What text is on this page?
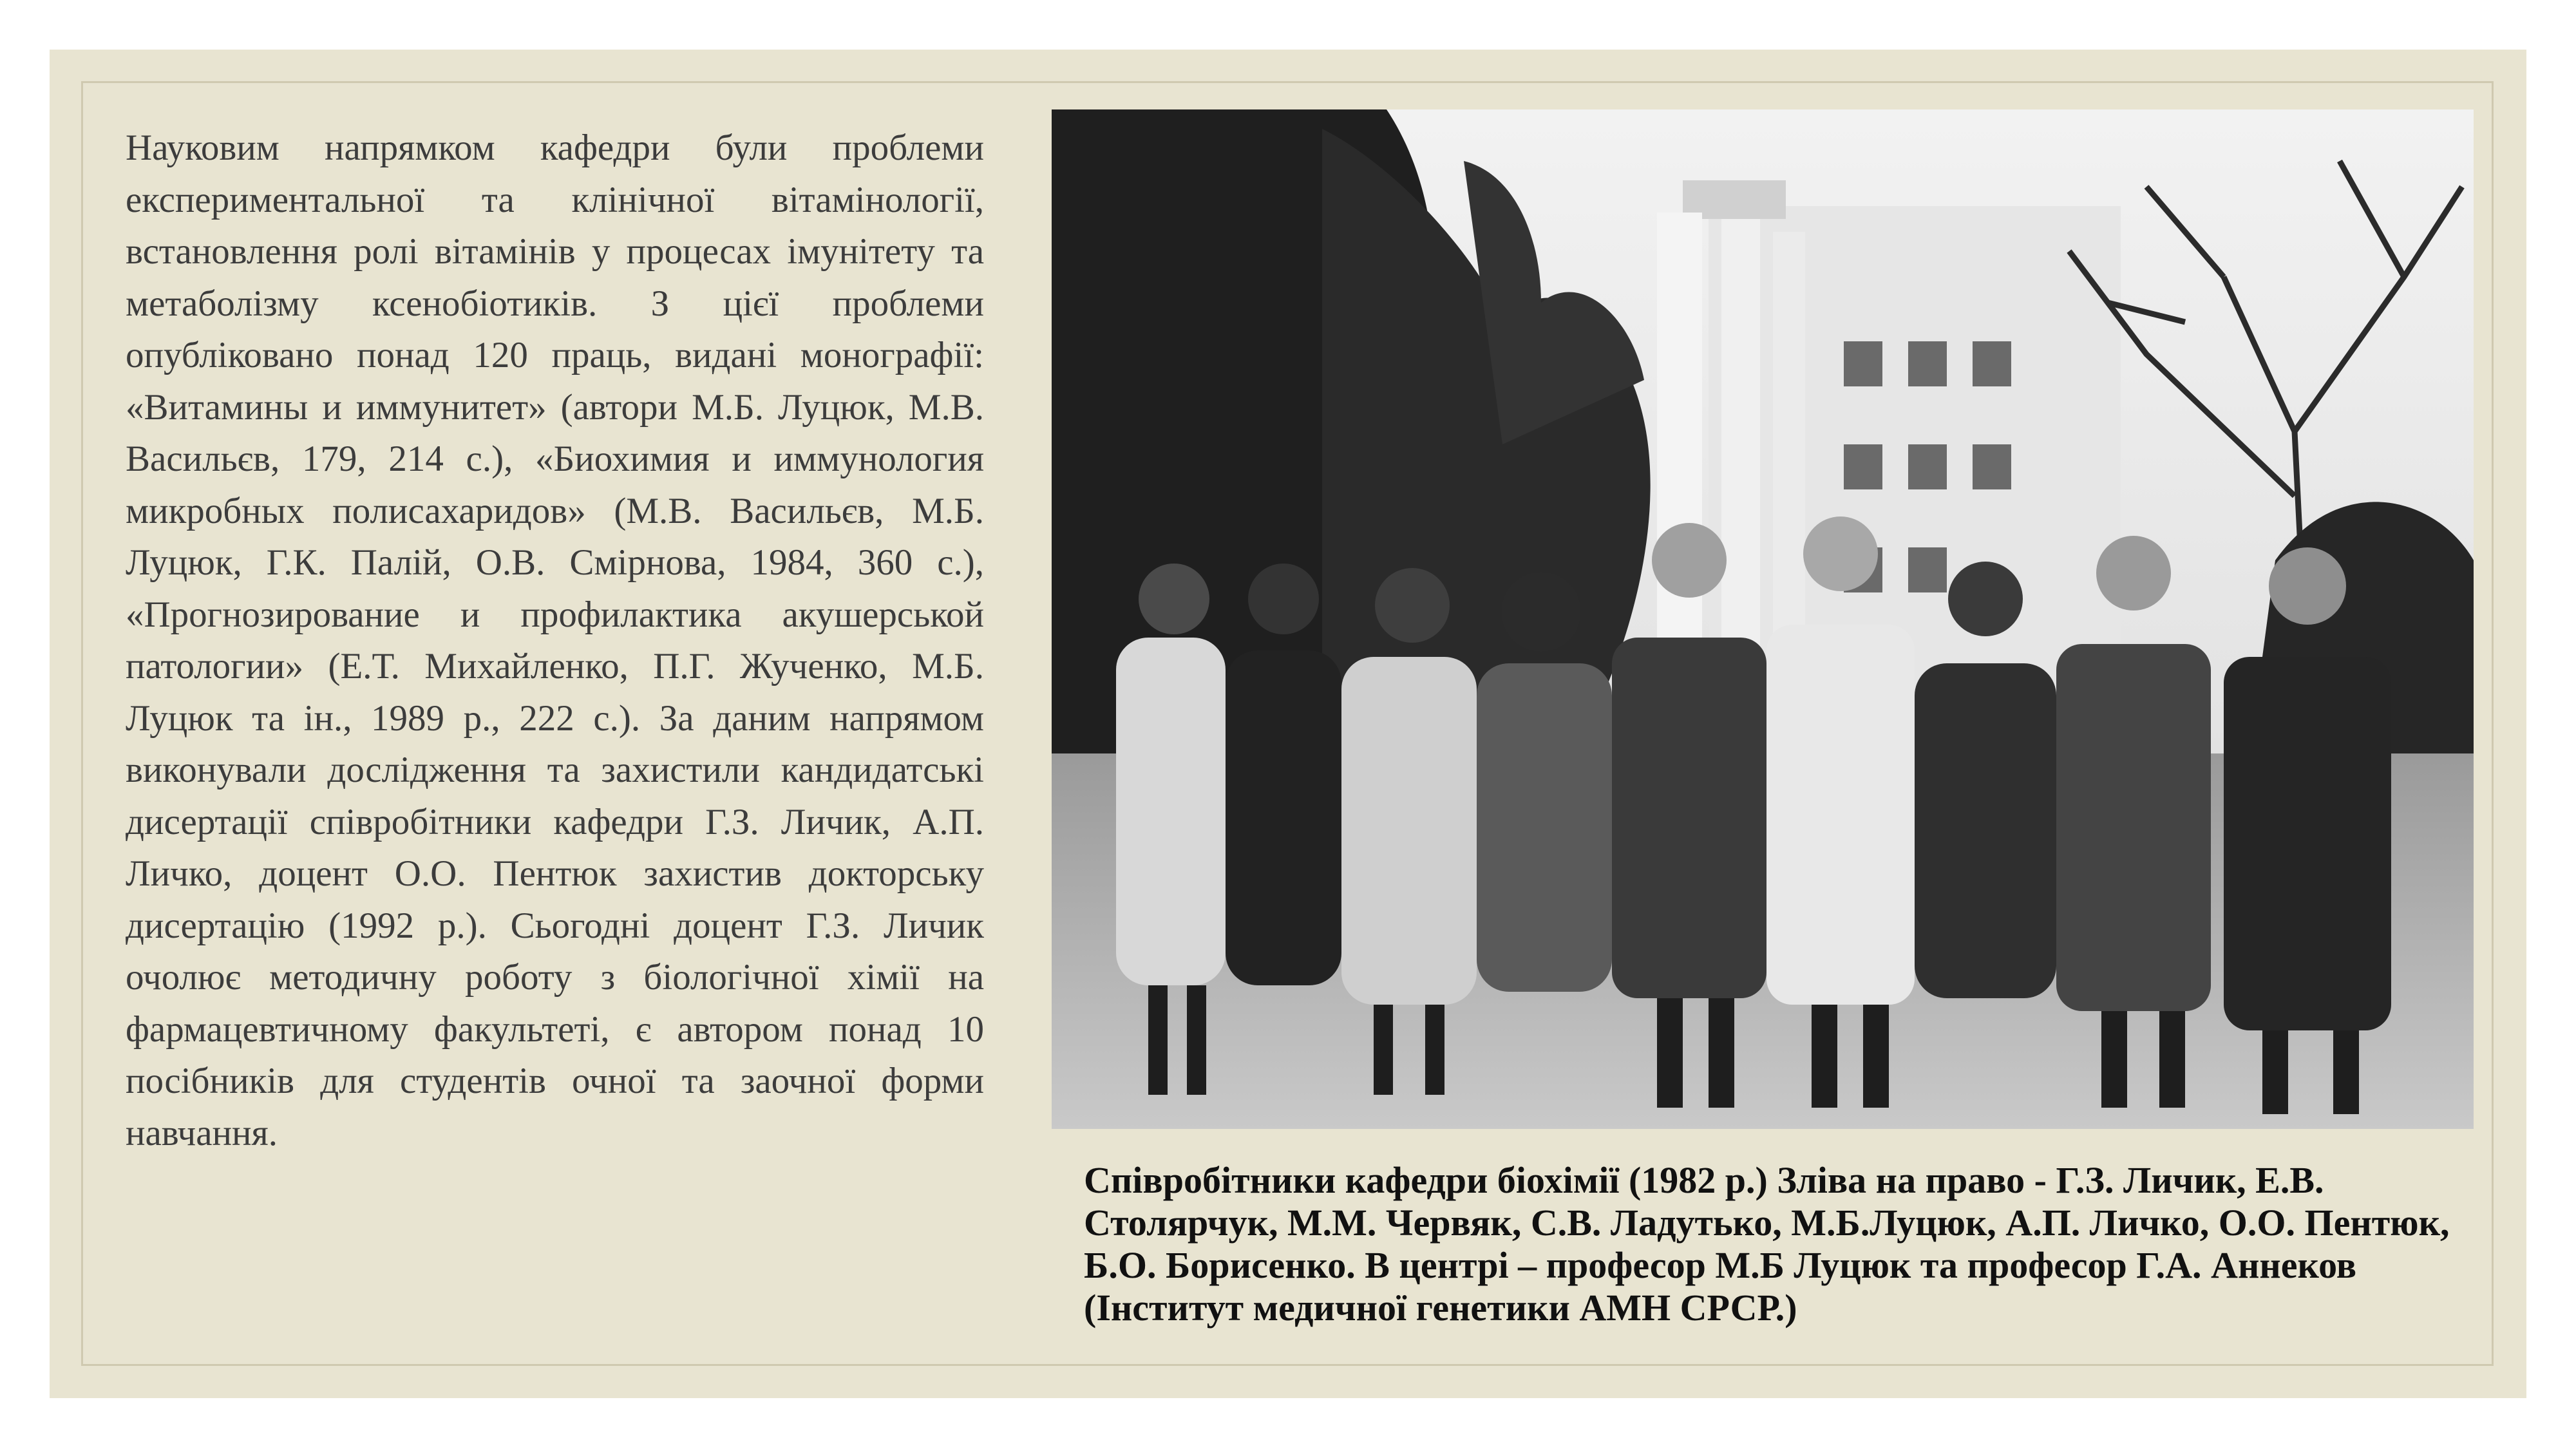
Науковим напрямком кафедри були проблеми експериментальної та клінічної вітамінології, встановлення ролі вітамінів у процесах імунітету та метаболізму ксенобіотиків. З цієї проблеми опубліковано понад 120 праць, видані монографії: «Витамины и иммунитет» (автори М.Б. Луцюк, М.В. Васильєв, 179, 214 с.), «Биохимия и иммунология микробных полисахаридов» (М.В. Васильєв, М.Б. Луцюк, Г.К. Палій, О.В. Смірнова, 1984, 360 с.), «Прогнозирование и профилактика акушерськой патологии» (Е.Т. Михайленко, П.Г. Жученко, М.Б. Луцюк та ін., 1989 р., 222 с.). За даним напрямом виконували дослідження та захистили кандидатські дисертації співробітники кафедри Г.З. Личик, А.П. Личко, доцент О.О. Пентюк захистив докторську дисертацію (1992 р.). Сьогодні доцент Г.З. Личик очолює методичну роботу з біологічної хімії на фармацевтичному факультеті, є автором понад 10 посібників для студентів очної та заочної форми навчання.

Співробітники кафедри біохімії (1982 р.) Зліва на право - Г.З. Личик, Е.В. Столярчук, М.М. Червяк, С.В. Ладутько, М.Б.Луцюк, А.П. Личко, О.О. Пентюк, Б.О. Борисенко. В центрі – професор М.Б Луцюк та професор Г.А. Аннеков (Інститут медичної генетики АМН СРСР.)
